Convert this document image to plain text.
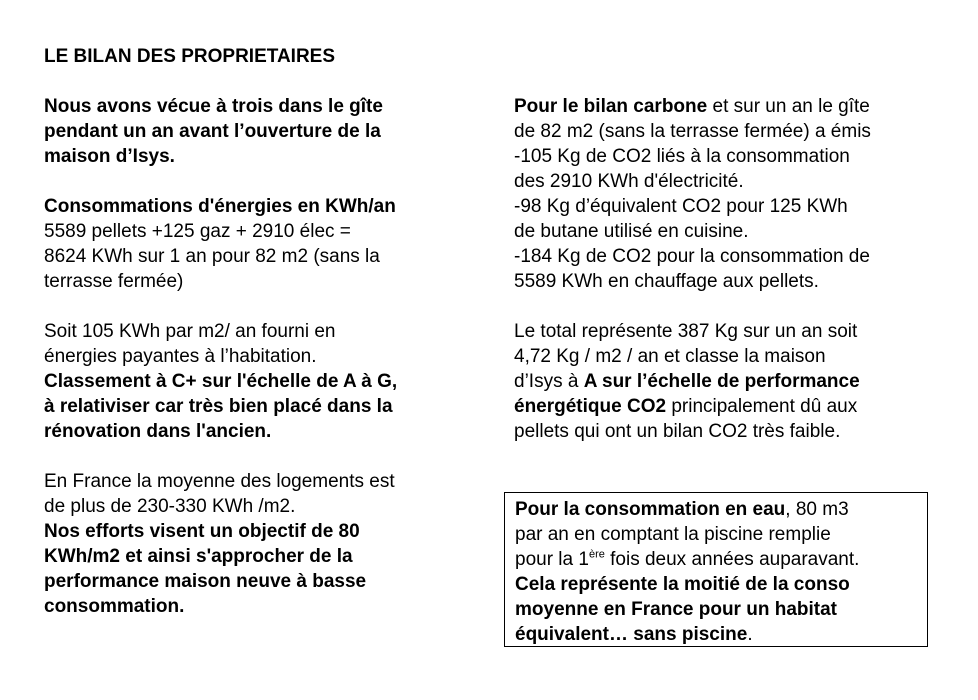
LE BILAN DES PROPRIETAIRES
Nous avons vécue à trois dans le gîte
pendant un an avant l’ouverture de la
maison d’Isys.
Consommations d'énergies en KWh/an
5589 pellets +125 gaz + 2910 élec =
8624 KWh sur 1 an pour 82 m2 (sans la
terrasse fermée)
Soit 105 KWh par m2/ an fourni en
énergies payantes à l’habitation.
Classement à C+ sur l'échelle de A à G,
à relativiser car très bien placé dans la
rénovation dans l'ancien.
En France la moyenne des logements est
de plus de 230-330 KWh /m2.
Nos efforts visent un objectif de 80
KWh/m2 et ainsi s'approcher de la
performance maison neuve à basse
consommation.
Pour le bilan carbone et sur un an le gîte
de 82 m2 (sans la terrasse fermée) a émis
-105 Kg de CO2 liés à la consommation
des 2910 KWh d'électricité.
-98 Kg d’équivalent CO2 pour 125 KWh
de butane utilisé en cuisine.
-184 Kg de CO2 pour la consommation de
5589 KWh en chauffage aux pellets.
Le total représente 387 Kg sur un an soit
4,72 Kg / m2 / an et classe la maison
d’Isys à A sur l’échelle de performance
énergétique CO2 principalement dû aux
pellets qui ont un bilan CO2 très faible.
Pour la consommation en eau, 80 m3
par an en comptant la piscine remplie
pour la 1ère fois deux années auparavant.
Cela représente la moitié de la conso
moyenne en France pour un habitat
équivalent… sans piscine.
